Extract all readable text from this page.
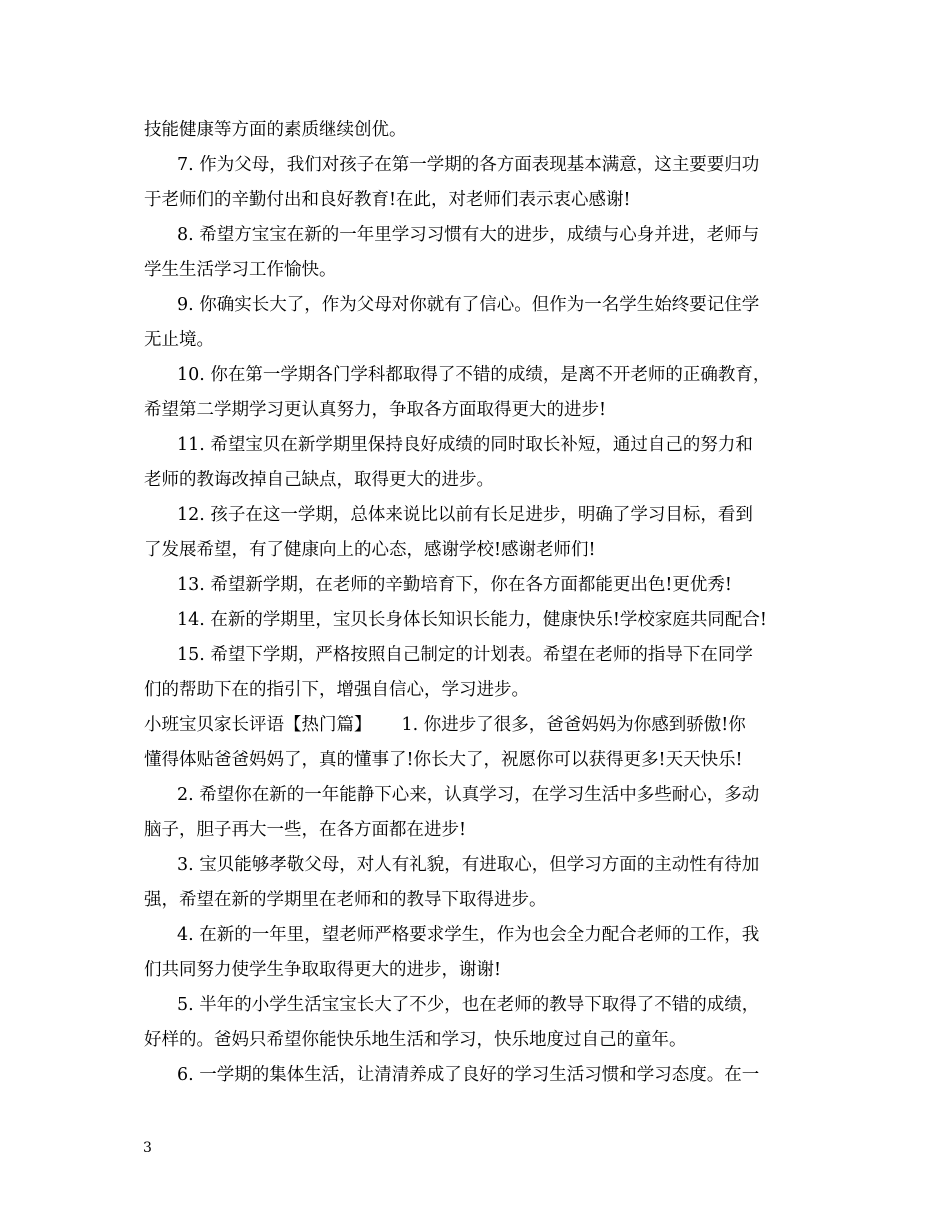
技能健康等方面的素质继续创优。
7. 作为父母，我们对孩子在第一学期的各方面表现基本满意，这主要要归功
于老师们的辛勤付出和良好教育!在此，对老师们表示衷心感谢!
8. 希望方宝宝在新的一年里学习习惯有大的进步，成绩与心身并进，老师与
学生生活学习工作愉快。
9. 你确实长大了，作为父母对你就有了信心。但作为一名学生始终要记住学
无止境。
10. 你在第一学期各门学科都取得了不错的成绩，是离不开老师的正确教育，
希望第二学期学习更认真努力，争取各方面取得更大的进步!
11. 希望宝贝在新学期里保持良好成绩的同时取长补短，通过自己的努力和
老师的教诲改掉自己缺点，取得更大的进步。
12. 孩子在这一学期，总体来说比以前有长足进步，明确了学习目标，看到
了发展希望，有了健康向上的心态，感谢学校!感谢老师们!
13. 希望新学期，在老师的辛勤培育下，你在各方面都能更出色!更优秀!
14. 在新的学期里，宝贝长身体长知识长能力，健康快乐!学校家庭共同配合!
15. 希望下学期，严格按照自己制定的计划表。希望在老师的指导下在同学
们的帮助下在的指引下，增强自信心，学习进步。
小班宝贝家长评语【热门篇】 1. 你进步了很多，爸爸妈妈为你感到骄傲!你
懂得体贴爸爸妈妈了，真的懂事了!你长大了，祝愿你可以获得更多!天天快乐!
2. 希望你在新的一年能静下心来，认真学习，在学习生活中多些耐心，多动
脑子，胆子再大一些，在各方面都在进步!
3. 宝贝能够孝敬父母，对人有礼貌，有进取心，但学习方面的主动性有待加
强，希望在新的学期里在老师和的教导下取得进步。
4. 在新的一年里，望老师严格要求学生，作为也会全力配合老师的工作，我
们共同努力使学生争取取得更大的进步，谢谢!
5. 半年的小学生活宝宝长大了不少，也在老师的教导下取得了不错的成绩，
好样的。爸妈只希望你能快乐地生活和学习，快乐地度过自己的童年。
6. 一学期的集体生活，让清清养成了良好的学习生活习惯和学习态度。在一
3
